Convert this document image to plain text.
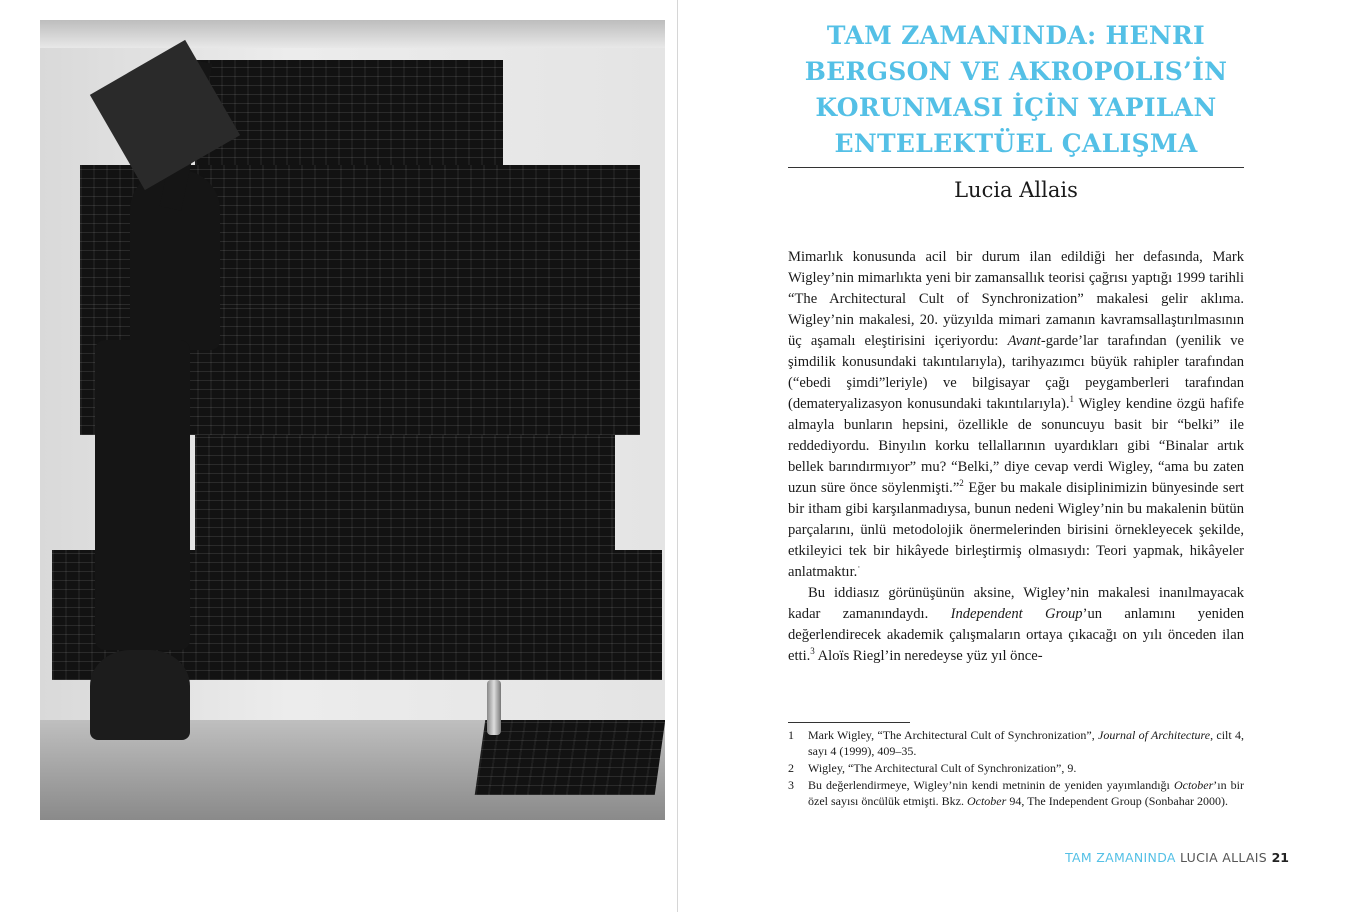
TAM ZAMANINDA: HENRI
BERGSON VE AKROPOLIS’İN
KORUNMASI İÇİN YAPILAN
ENTELEKTÜEL ÇALIŞMA
Lucia Allais

Mimarlık konusunda acil bir durum ilan edildiği her defasında, Mark Wigley’nin mimarlıkta yeni bir zamansallık teorisi çağrısı yaptığı 1999 tarihli “The Architectural Cult of Synchronization” makalesi gelir aklıma. Wigley’nin makalesi, 20. yüzyılda mimari zamanın kavramsallaştırılmasının üç aşamalı eleştirisini içeriyordu: Avant-garde’lar tarafından (yenilik ve şimdilik konusundaki takıntılarıyla), tarihyazımcı büyük rahipler tarafından (“ebedi şimdi”leriyle) ve bilgisayar çağı peygamberleri tarafından (demateryalizasyon konusundaki takıntılarıyla).$^1$ Wigley kendine özgü hafife almayla bunların hepsini, özellikle de sonuncuyu basit bir “belki” ile reddediyordu. Binyılın korku tellallarının uyardıkları gibi “Binalar artık bellek barındırmıyor” mu? “Belki,” diye cevap verdi Wigley, “ama bu zaten uzun süre önce söylenmişti.”$^2$ Eğer bu makale disiplinimizin bünyesinde sert bir itham gibi karşılanmadıysa, bunun nedeni Wigley’nin bu makalenin bütün parçalarını, ünlü metodolojik önermelerinden birisini örnekleyecek şekilde, etkileyici tek bir hikâyede birleştirmiş olmasıydı: Teori yapmak, hikâyeler anlatmaktır.·

Bu iddiasız görünüşünün aksine, Wigley’nin makalesi inanılmayacak kadar zamanındaydı. Independent Group’un anlamını yeniden değerlendirecek akademik çalışmaların ortaya çıkacağı on yılı önceden ilan etti.$^3$ Aloïs Riegl’in neredeyse yüz yıl önce-

1	Mark Wigley, “The Architectural Cult of Synchronization”, Journal of Architecture, cilt 4, sayı 4 (1999), 409–35.
2	Wigley, “The Architectural Cult of Synchronization”, 9.
3	Bu değerlendirmeye, Wigley’nin kendi metninin de yeniden yayımlandığı October’ın bir özel sayısı öncülük etmişti. Bkz. October 94, The Independent Group (Sonbahar 2000).
TAM ZAMANINDA LUCIA ALLAIS 21
